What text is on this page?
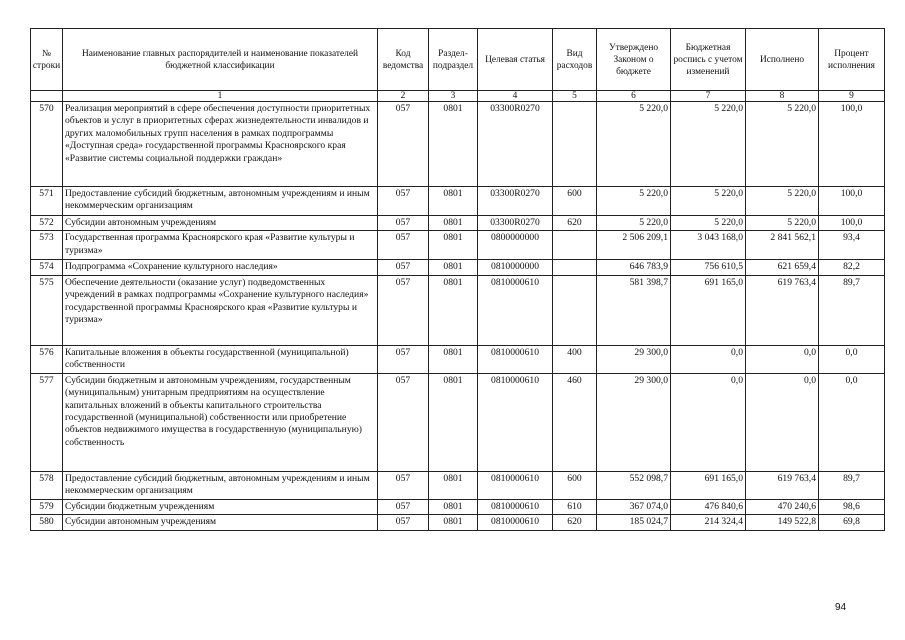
№ строки	Наименование главных распорядителей и наименование показателей бюджетной классификации	Код ведомства	Раздел-подраздел	Целевая статья	Вид расходов	Утверждено Законом о бюджете	Бюджетная роспись с учетом изменений	Исполнено	Процент исполнения
	1	2	3	4	5	6	7	8	9
570	Реализация мероприятий в сфере обеспечения доступности приоритетных объектов и услуг в приоритетных сферах жизнедеятельности инвалидов и других маломобильных групп населения в рамках подпрограммы «Доступная среда» государственной программы Красноярского края «Развитие системы социальной поддержки граждан»	057	0801	03300R0270		5 220,0	5 220,0	5 220,0	100,0
571	Предоставление субсидий бюджетным, автономным учреждениям и иным некоммерческим организациям	057	0801	03300R0270	600	5 220,0	5 220,0	5 220,0	100,0
572	Субсидии автономным учреждениям	057	0801	03300R0270	620	5 220,0	5 220,0	5 220,0	100,0
573	Государственная программа Красноярского края «Развитие культуры и туризма»	057	0801	0800000000		2 506 209,1	3 043 168,0	2 841 562,1	93,4
574	Подпрограмма «Сохранение культурного наследия»	057	0801	0810000000		646 783,9	756 610,5	621 659,4	82,2
575	Обеспечение деятельности (оказание услуг) подведомственных учреждений в рамках подпрограммы «Сохранение культурного наследия» государственной программы Красноярского края «Развитие культуры и туризма»	057	0801	0810000610		581 398,7	691 165,0	619 763,4	89,7
576	Капитальные вложения в объекты государственной (муниципальной) собственности	057	0801	0810000610	400	29 300,0	0,0	0,0	0,0
577	Субсидии бюджетным и автономным учреждениям, государственным (муниципальным) унитарным предприятиям на осуществление капитальных вложений в объекты капитального строительства государственной (муниципальной) собственности или приобретение объектов недвижимого имущества в государственную (муниципальную) собственность	057	0801	0810000610	460	29 300,0	0,0	0,0	0,0
578	Предоставление субсидий бюджетным, автономным учреждениям и иным некоммерческим организациям	057	0801	0810000610	600	552 098,7	691 165,0	619 763,4	89,7
579	Субсидии бюджетным учреждениям	057	0801	0810000610	610	367 074,0	476 840,6	470 240,6	98,6
580	Субсидии автономным учреждениям	057	0801	0810000610	620	185 024,7	214 324,4	149 522,8	69,8
94
